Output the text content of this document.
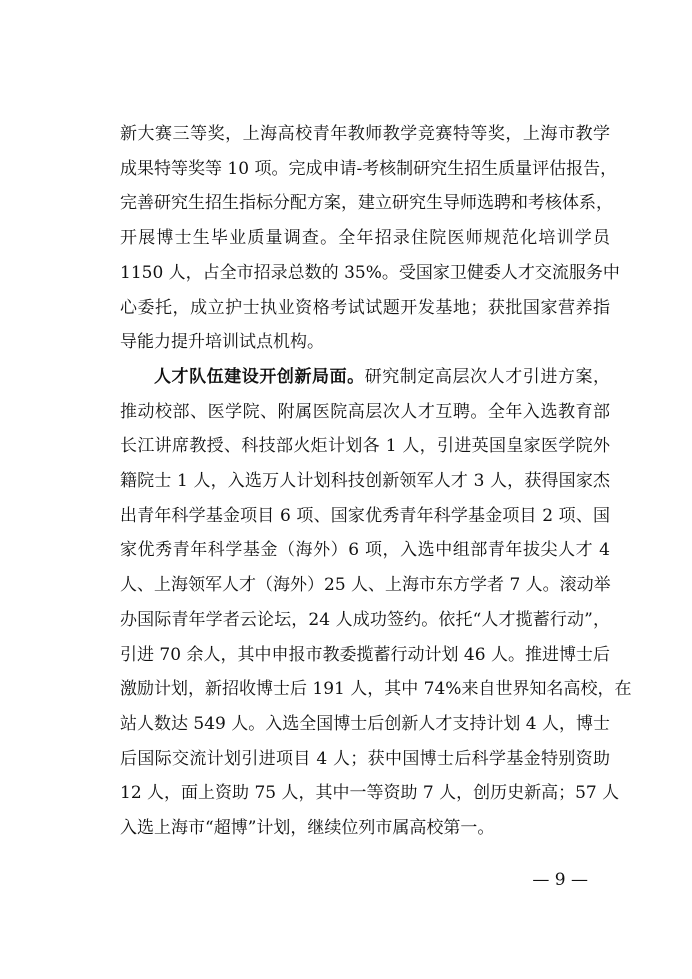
新大赛三等奖，上海高校青年教师教学竞赛特等奖，上海市教学
成果特等奖等 10 项。完成申请-考核制研究生招生质量评估报告，
完善研究生招生指标分配方案，建立研究生导师选聘和考核体系，
开展博士生毕业质量调查。全年招录住院医师规范化培训学员
1150 人，占全市招录总数的 35%。受国家卫健委人才交流服务中
心委托，成立护士执业资格考试试题开发基地；获批国家营养指
导能力提升培训试点机构。

人才队伍建设开创新局面。研究制定高层次人才引进方案，
推动校部、医学院、附属医院高层次人才互聘。全年入选教育部
长江讲席教授、科技部火炬计划各 1 人，引进英国皇家医学院外
籍院士 1 人，入选万人计划科技创新领军人才 3 人，获得国家杰
出青年科学基金项目 6 项、国家优秀青年科学基金项目 2 项、国
家优秀青年科学基金（海外）6 项，入选中组部青年拔尖人才 4
人、上海领军人才（海外）25 人、上海市东方学者 7 人。滚动举
办国际青年学者云论坛，24 人成功签约。依托“人才揽蓄行动”，
引进 70 余人，其中申报市教委揽蓄行动计划 46 人。推进博士后
激励计划，新招收博士后 191 人，其中 74%来自世界知名高校，在
站人数达 549 人。入选全国博士后创新人才支持计划 4 人，博士
后国际交流计划引进项目 4 人；获中国博士后科学基金特别资助
12 人，面上资助 75 人，其中一等资助 7 人，创历史新高；57 人
入选上海市“超博”计划，继续位列市属高校第一。

— 9 —
